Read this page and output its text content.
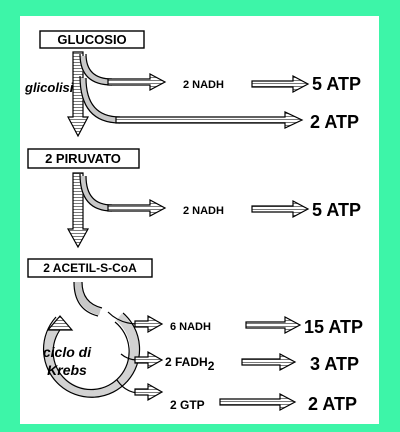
GLUCOSIO
2 PIRUVATO
2 ACETIL-S-CoA
glicolisi	2 NADH	5 ATP
2 ATP
2 NADH	5 ATP
ciclo di
Krebs
6 NADH	15 ATP
2 FADH2	3 ATP
2 GTP	2 ATP
